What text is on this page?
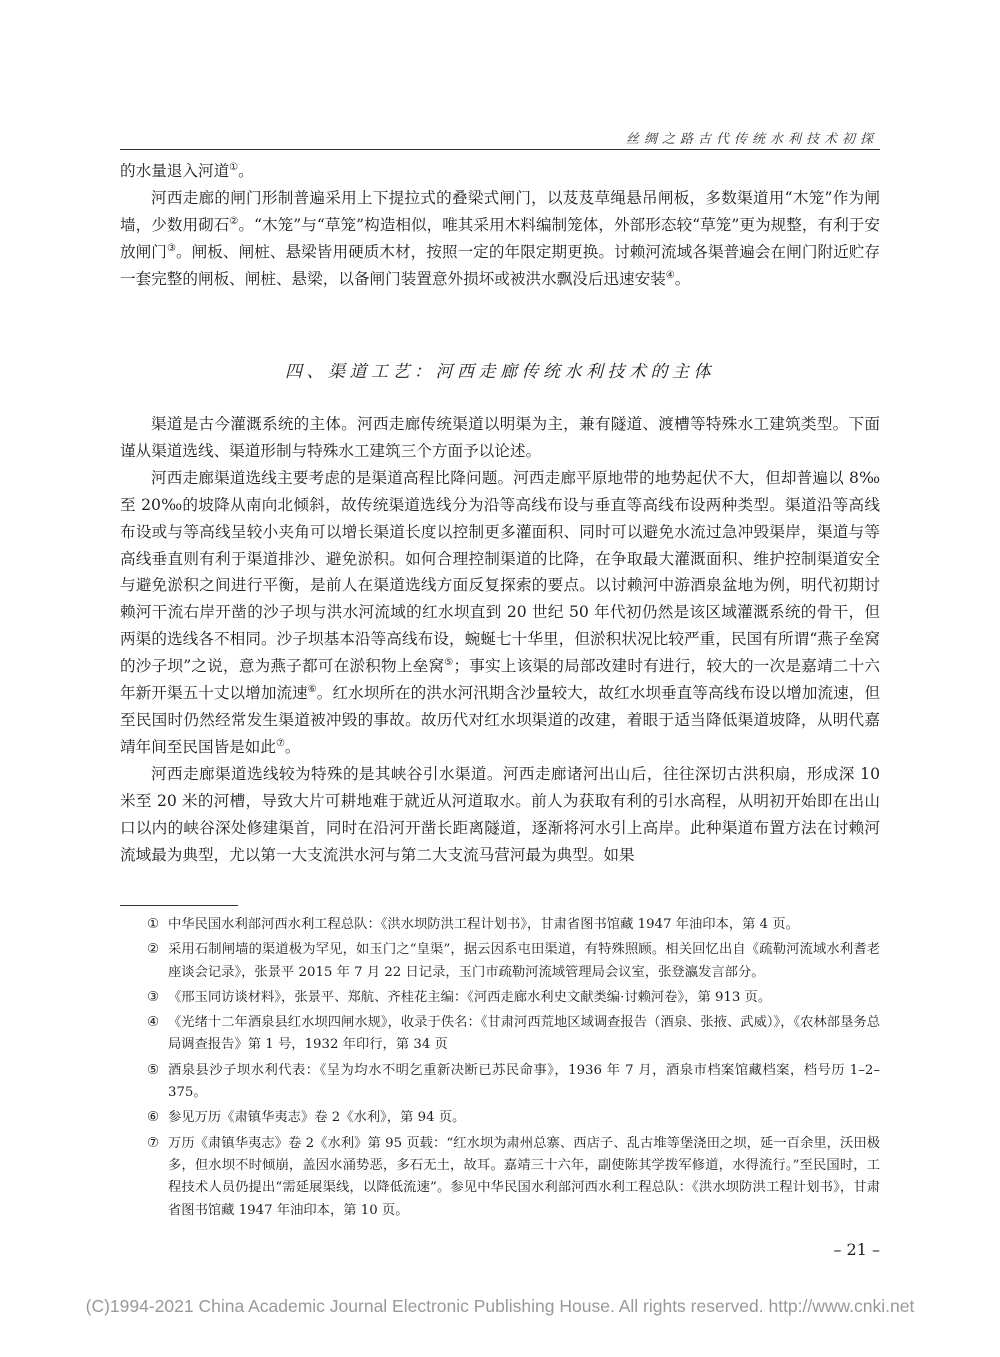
丝绸之路古代传统水利技术初探

的水量退入河道①。

河西走廊的闸门形制普遍采用上下提拉式的叠梁式闸门，以芨芨草绳悬吊闸板，多数渠道用“木笼”作为闸墙，少数用砌石②。“木笼”与“草笼”构造相似，唯其采用木料编制笼体，外部形态较“草笼”更为规整，有利于安放闸门③。闸板、闸桩、悬梁皆用硬质木材，按照一定的年限定期更换。讨赖河流域各渠普遍会在闸门附近贮存一套完整的闸板、闸桩、悬梁，以备闸门装置意外损坏或被洪水飘没后迅速安装④。

四、渠道工艺：河西走廊传统水利技术的主体

渠道是古今灌溉系统的主体。河西走廊传统渠道以明渠为主，兼有隧道、渡槽等特殊水工建筑类型。下面谨从渠道选线、渠道形制与特殊水工建筑三个方面予以论述。

河西走廊渠道选线主要考虑的是渠道高程比降问题。河西走廊平原地带的地势起伏不大，但却普遍以 8‰至 20‰的坡降从南向北倾斜，故传统渠道选线分为沿等高线布设与垂直等高线布设两种类型。渠道沿等高线布设或与等高线呈较小夹角可以增长渠道长度以控制更多灌面积、同时可以避免水流过急冲毁渠岸，渠道与等高线垂直则有利于渠道排沙、避免淤积。如何合理控制渠道的比降，在争取最大灌溉面积、维护控制渠道安全与避免淤积之间进行平衡，是前人在渠道选线方面反复探索的要点。以讨赖河中游酒泉盆地为例，明代初期讨赖河干流右岸开凿的沙子坝与洪水河流域的红水坝直到 20 世纪 50 年代初仍然是该区域灌溉系统的骨干，但两渠的选线各不相同。沙子坝基本沿等高线布设，蜿蜒七十华里，但淤积状况比较严重，民国有所谓“燕子垒窝的沙子坝”之说，意为燕子都可在淤积物上垒窝⑤；事实上该渠的局部改建时有进行，较大的一次是嘉靖二十六年新开渠五十丈以增加流速⑥。红水坝所在的洪水河汛期含沙量较大，故红水坝垂直等高线布设以增加流速，但至民国时仍然经常发生渠道被冲毁的事故。故历代对红水坝渠道的改建，着眼于适当降低渠道坡降，从明代嘉靖年间至民国皆是如此⑦。

河西走廊渠道选线较为特殊的是其峡谷引水渠道。河西走廊诸河出山后，往往深切古洪积扇，形成深 10 米至 20 米的河槽，导致大片可耕地难于就近从河道取水。前人为获取有利的引水高程，从明初开始即在出山口以内的峡谷深处修建渠首，同时在沿河开凿长距离隧道，逐渐将河水引上高岸。此种渠道布置方法在讨赖河流域最为典型，尤以第一大支流洪水河与第二大支流马营河最为典型。如果

① 中华民国水利部河西水利工程总队：《洪水坝防洪工程计划书》，甘肃省图书馆藏 1947 年油印本，第 4 页。

② 采用石制闸墙的渠道极为罕见，如玉门之“皇渠”，据云因系屯田渠道，有特殊照顾。相关回忆出自《疏勒河流域水利耆老座谈会记录》，张景平 2015 年 7 月 22 日记录，玉门市疏勒河流域管理局会议室，张登瀛发言部分。

③ 《邢玉同访谈材料》，张景平、郑航、齐桂花主编：《河西走廊水利史文献类编·讨赖河卷》，第 913 页。

④ 《光绪十二年酒泉县红水坝四闸水规》，收录于佚名：《甘肃河西荒地区域调查报告（酒泉、张掖、武威）》，《农林部垦务总局调查报告》第 1 号，1932 年印行，第 34 页

⑤ 酒泉县沙子坝水利代表：《呈为均水不明乞重新决断已苏民命事》，1936 年 7 月，酒泉市档案馆藏档案，档号历 1–2–375。

⑥ 参见万历《肃镇华夷志》卷 2《水利》，第 94 页。

⑦ 万历《肃镇华夷志》卷 2《水利》第 95 页载：“红水坝为肃州总寨、西店子、乱古堆等堡浇田之坝，延一百余里，沃田极多，但水坝不时倾崩，盖因水涌势恶，多石无土，故耳。嘉靖三十六年，副使陈其学拨军修道，水得流行。”至民国时，工程技术人员仍提出“需延展渠线，以降低流速”。参见中华民国水利部河西水利工程总队：《洪水坝防洪工程计划书》，甘肃省图书馆藏 1947 年油印本，第 10 页。

– 21 –
(C)1994-2021 China Academic Journal Electronic Publishing House. All rights reserved. http://www.cnki.net
